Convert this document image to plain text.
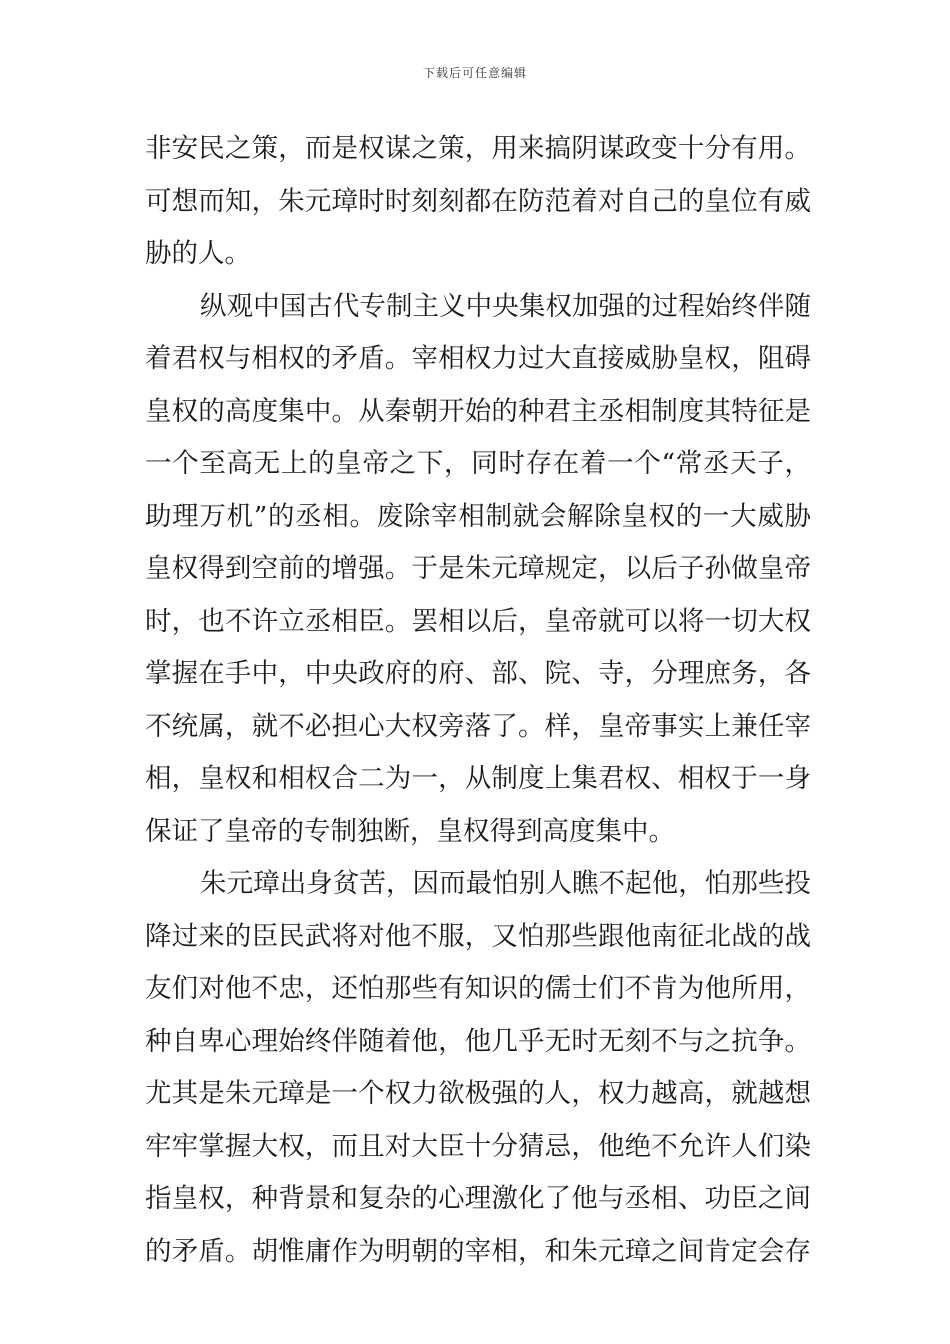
下载后可任意编辑
非安民之策，而是权谋之策，用来搞阴谋政变十分有用。
可想而知，朱元璋时时刻刻都在防范着对自己的皇位有威
胁的人。
纵观中国古代专制主义中央集权加强的过程始终伴随
着君权与相权的矛盾。宰相权力过大直接威胁皇权，阻碍
皇权的高度集中。从秦朝开始的种君主丞相制度其特征是
一个至高无上的皇帝之下，同时存在着一个“常丞天子，
助理万机”的丞相。废除宰相制就会解除皇权的一大威胁
皇权得到空前的增强。于是朱元璋规定，以后子孙做皇帝
时，也不许立丞相臣。罢相以后，皇帝就可以将一切大权
掌握在手中，中央政府的府、部、院、寺，分理庶务，各
不统属，就不必担心大权旁落了。样，皇帝事实上兼任宰
相，皇权和相权合二为一，从制度上集君权、相权于一身
保证了皇帝的专制独断，皇权得到高度集中。
朱元璋出身贫苦，因而最怕别人瞧不起他，怕那些投
降过来的臣民武将对他不服，又怕那些跟他南征北战的战
友们对他不忠，还怕那些有知识的儒士们不肯为他所用，
种自卑心理始终伴随着他，他几乎无时无刻不与之抗争。
尤其是朱元璋是一个权力欲极强的人，权力越高，就越想
牢牢掌握大权，而且对大臣十分猜忌，他绝不允许人们染
指皇权，种背景和复杂的心理激化了他与丞相、功臣之间
的矛盾。胡惟庸作为明朝的宰相，和朱元璋之间肯定会存
